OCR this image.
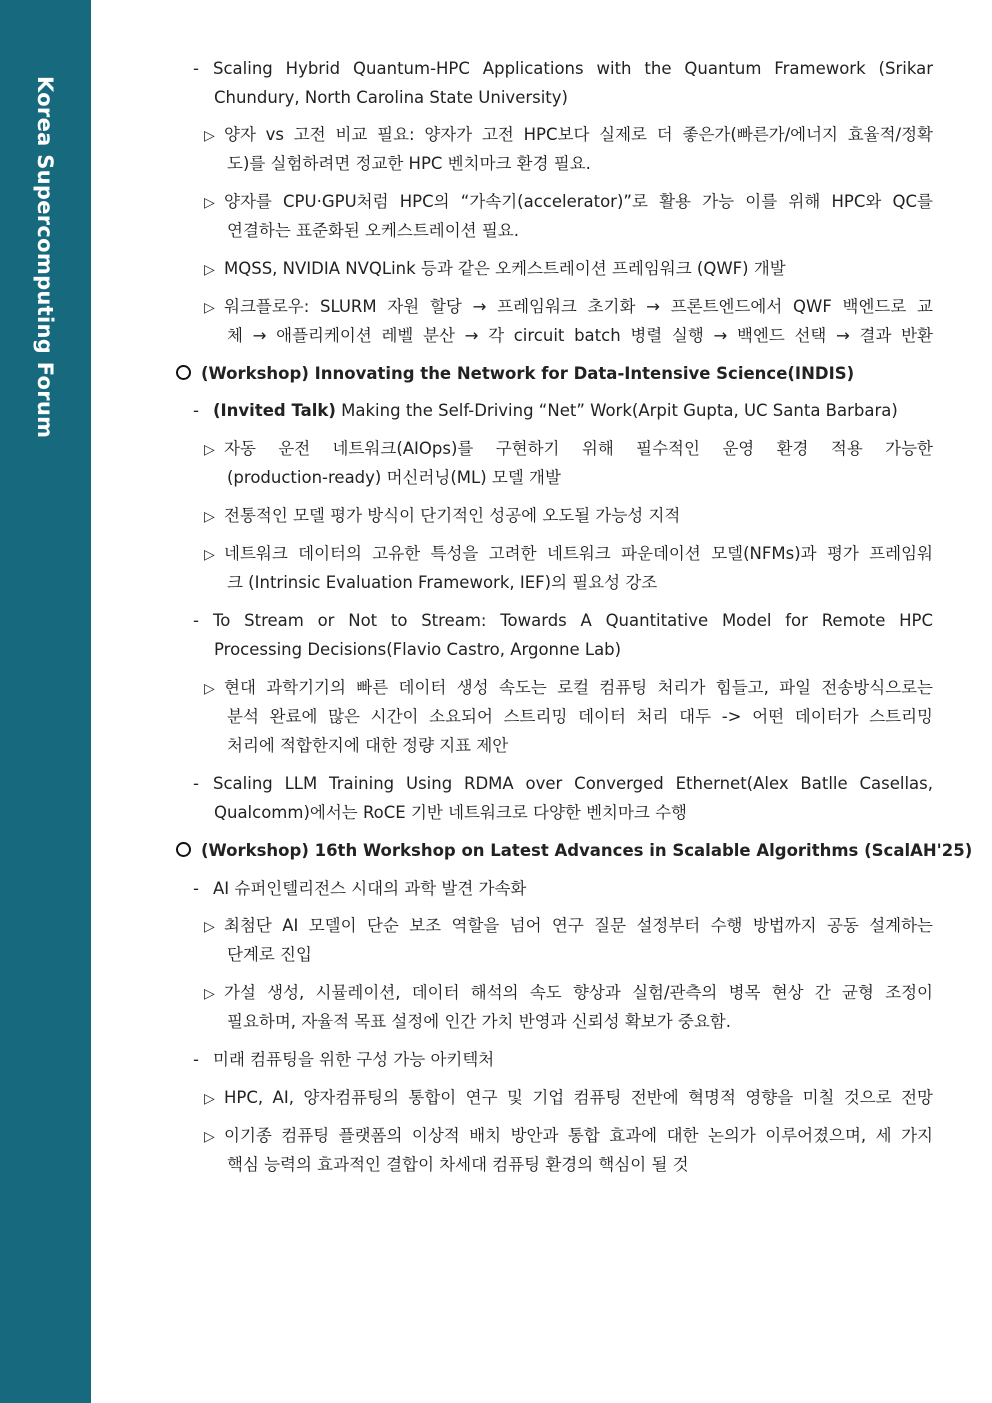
Korea Supercomputing Forum
- Scaling Hybrid Quantum-HPC Applications with the Quantum Framework (Srikar
Chundury, North Carolina State University)
▷ 양자 vs 고전 비교 필요: 양자가 고전 HPC보다 실제로 더 좋은가(빠른가/에너지 효율적/정확
도)를 실험하려면 정교한 HPC 벤치마크 환경 필요.
▷ 양자를 CPU·GPU처럼 HPC의 “가속기(accelerator)”로 활용 가능 이를 위해 HPC와 QC를
연결하는 표준화된 오케스트레이션 필요.
▷ MQSS, NVIDIA NVQLink 등과 같은 오케스트레이션 프레임워크 (QWF) 개발
▷ 워크플로우: SLURM 자원 할당 → 프레임워크 초기화 → 프론트엔드에서 QWF 백엔드로 교
체 → 애플리케이션 레벨 분산 → 각 circuit batch 병렬 실행 → 백엔드 선택 → 결과 반환
(Workshop) Innovating the Network for Data-Intensive Science(INDIS)
- (Invited Talk) Making the Self-Driving “Net” Work(Arpit Gupta, UC Santa Barbara)
▷ 자동 운전 네트워크(AIOps)를 구현하기 위해 필수적인 운영 환경 적용 가능한
(production-ready) 머신러닝(ML) 모델 개발
▷ 전통적인 모델 평가 방식이 단기적인 성공에 오도될 가능성 지적
▷ 네트워크 데이터의 고유한 특성을 고려한 네트워크 파운데이션 모델(NFMs)과 평가 프레임워
크 (Intrinsic Evaluation Framework, IEF)의 필요성 강조
- To Stream or Not to Stream: Towards A Quantitative Model for Remote HPC
Processing Decisions(Flavio Castro, Argonne Lab)
▷ 현대 과학기기의 빠른 데이터 생성 속도는 로컬 컴퓨팅 처리가 힘들고, 파일 전송방식으로는
분석 완료에 많은 시간이 소요되어 스트리밍 데이터 처리 대두 -> 어떤 데이터가 스트리밍
처리에 적합한지에 대한 정량 지표 제안
- Scaling LLM Training Using RDMA over Converged Ethernet(Alex Batlle Casellas,
Qualcomm)에서는 RoCE 기반 네트워크로 다양한 벤치마크 수행
(Workshop) 16th Workshop on Latest Advances in Scalable Algorithms (ScalAH'25)
- AI 슈퍼인텔리전스 시대의 과학 발견 가속화
▷ 최첨단 AI 모델이 단순 보조 역할을 넘어 연구 질문 설정부터 수행 방법까지 공동 설계하는
단계로 진입
▷ 가설 생성, 시뮬레이션, 데이터 해석의 속도 향상과 실험/관측의 병목 현상 간 균형 조정이
필요하며, 자율적 목표 설정에 인간 가치 반영과 신뢰성 확보가 중요함.
- 미래 컴퓨팅을 위한 구성 가능 아키텍처
▷ HPC, AI, 양자컴퓨팅의 통합이 연구 및 기업 컴퓨팅 전반에 혁명적 영향을 미칠 것으로 전망
▷ 이기종 컴퓨팅 플랫폼의 이상적 배치 방안과 통합 효과에 대한 논의가 이루어졌으며, 세 가지
핵심 능력의 효과적인 결합이 차세대 컴퓨팅 환경의 핵심이 될 것
